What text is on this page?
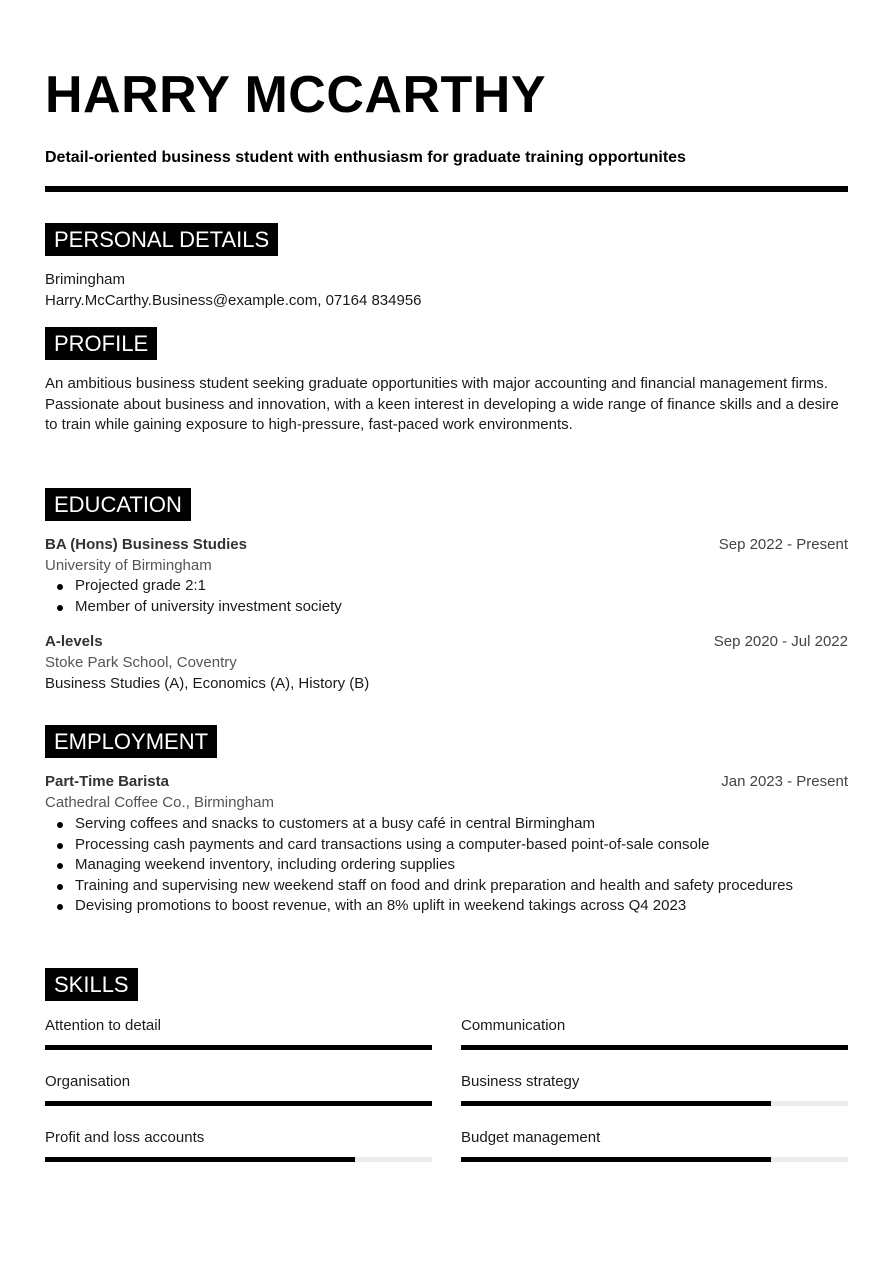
HARRY MCCARTHY
Detail-oriented business student with enthusiasm for graduate training opportunites
PERSONAL DETAILS
Brimingham
Harry.McCarthy.Business@example.com, 07164 834956
PROFILE
An ambitious business student seeking graduate opportunities with major accounting and financial management firms. Passionate about business and innovation, with a keen interest in developing a wide range of finance skills and a desire to train while gaining exposure to high-pressure, fast-paced work environments.
EDUCATION
BA (Hons) Business Studies	Sep 2022 - Present
University of Birmingham
Projected grade 2:1
Member of university investment society
A-levels	Sep 2020 - Jul 2022
Stoke Park School, Coventry
Business Studies (A), Economics (A), History (B)
EMPLOYMENT
Part-Time Barista	Jan 2023 - Present
Cathedral Coffee Co., Birmingham
Serving coffees and snacks to customers at a busy café in central Birmingham
Processing cash payments and card transactions using a computer-based point-of-sale console
Managing weekend inventory, including ordering supplies
Training and supervising new weekend staff on food and drink preparation and health and safety procedures
Devising promotions to boost revenue, with an 8% uplift in weekend takings across Q4 2023
SKILLS
Attention to detail	Communication
Organisation	Business strategy
Profit and loss accounts	Budget management
